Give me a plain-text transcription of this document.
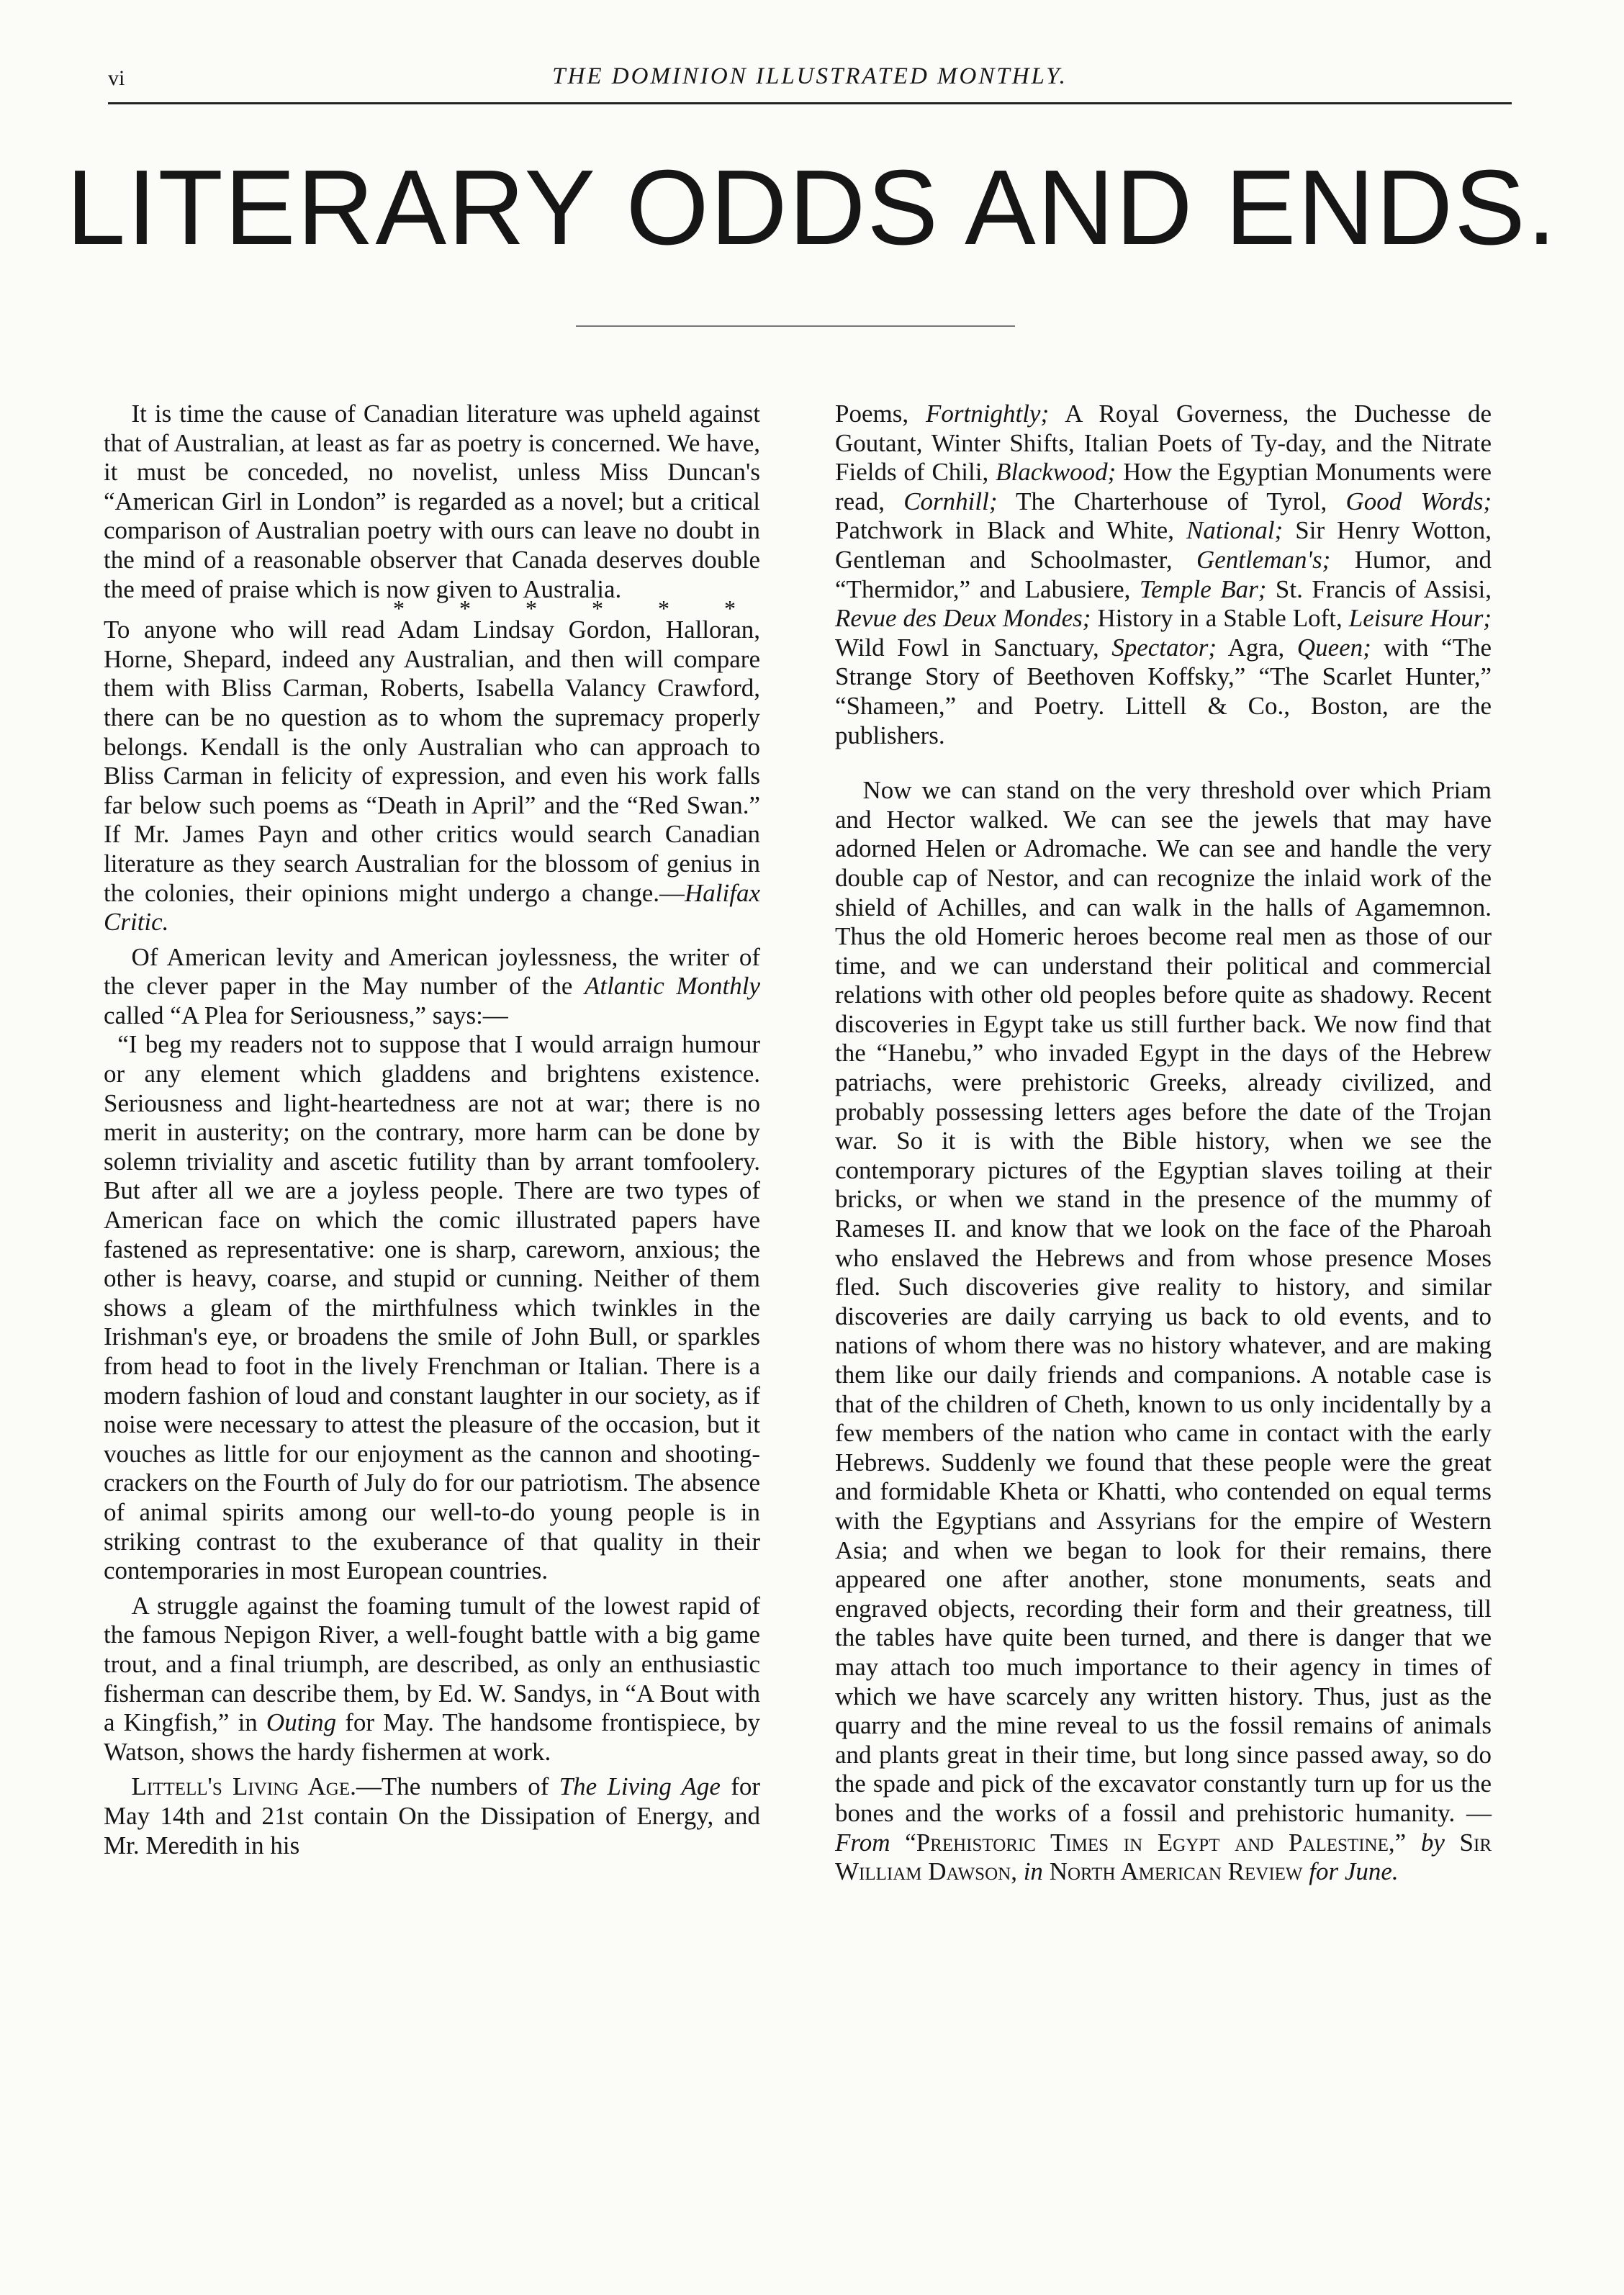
vi	THE DOMINION ILLUSTRATED MONTHLY.
LITERARY ODDS AND ENDS.

It is time the cause of Canadian literature was upheld against that of Australian, at least as far as poetry is concerned. We have, it must be conceded, no novelist, unless Miss Duncan's “American Girl in London” is regarded as a novel; but a critical comparison of Australian poetry with ours can leave no doubt in the mind of a reasonable observer that Canada deserves double the meed of praise which is now given to Australia.
* * * * * *

To anyone who will read Adam Lindsay Gordon, Halloran, Horne, Shepard, indeed any Australian, and then will compare them with Bliss Carman, Roberts, Isabella Valancy Crawford, there can be no question as to whom the supremacy properly belongs. Kendall is the only Australian who can approach to Bliss Carman in felicity of expression, and even his work falls far below such poems as “Death in April” and the “Red Swan.” If Mr. James Payn and other critics would search Canadian literature as they search Australian for the blossom of genius in the colonies, their opinions might undergo a change.—Halifax Critic.

Of American levity and American joylessness, the writer of the clever paper in the May number of the Atlantic Monthly called “A Plea for Seriousness,” says:—

“I beg my readers not to suppose that I would arraign humour or any element which gladdens and brightens existence. Seriousness and light-heartedness are not at war; there is no merit in austerity; on the contrary, more harm can be done by solemn triviality and ascetic futility than by arrant tomfoolery. But after all we are a joyless people. There are two types of American face on which the comic illustrated papers have fastened as representative: one is sharp, careworn, anxious; the other is heavy, coarse, and stupid or cunning. Neither of them shows a gleam of the mirthfulness which twinkles in the Irishman's eye, or broadens the smile of John Bull, or sparkles from head to foot in the lively Frenchman or Italian. There is a modern fashion of loud and constant laughter in our society, as if noise were necessary to attest the pleasure of the occasion, but it vouches as little for our enjoyment as the cannon and shooting-crackers on the Fourth of July do for our patriotism. The absence of animal spirits among our well-to-do young people is in striking contrast to the exuberance of that quality in their contemporaries in most European countries.

A struggle against the foaming tumult of the lowest rapid of the famous Nepigon River, a well-fought battle with a big game trout, and a final triumph, are described, as only an enthusiastic fisherman can describe them, by Ed. W. Sandys, in “A Bout with a Kingfish,” in Outing for May. The handsome frontispiece, by Watson, shows the hardy fishermen at work.

Littell's Living Age.—The numbers of The Living Age for May 14th and 21st contain On the Dissipation of Energy, and Mr. Meredith in his

Poems, Fortnightly; A Royal Governess, the Duchesse de Goutant, Winter Shifts, Italian Poets of Ty-day, and the Nitrate Fields of Chili, Blackwood; How the Egyptian Monuments were read, Cornhill; The Charterhouse of Tyrol, Good Words; Patchwork in Black and White, National; Sir Henry Wotton, Gentleman and Schoolmaster, Gentleman's; Humor, and “Thermidor,” and Labusiere, Temple Bar; St. Francis of Assisi, Revue des Deux Mondes; History in a Stable Loft, Leisure Hour; Wild Fowl in Sanctuary, Spectator; Agra, Queen; with “The Strange Story of Beethoven Koffsky,” “The Scarlet Hunter,” “Shameen,” and Poetry. Littell & Co., Boston, are the publishers.

Now we can stand on the very threshold over which Priam and Hector walked. We can see the jewels that may have adorned Helen or Adromache. We can see and handle the very double cap of Nestor, and can recognize the inlaid work of the shield of Achilles, and can walk in the halls of Agamemnon. Thus the old Homeric heroes become real men as those of our time, and we can understand their political and commercial relations with other old peoples before quite as shadowy. Recent discoveries in Egypt take us still further back. We now find that the “Hanebu,” who invaded Egypt in the days of the Hebrew patriachs, were prehistoric Greeks, already civilized, and probably possessing letters ages before the date of the Trojan war. So it is with the Bible history, when we see the contemporary pictures of the Egyptian slaves toiling at their bricks, or when we stand in the presence of the mummy of Rameses II. and know that we look on the face of the Pharoah who enslaved the Hebrews and from whose presence Moses fled. Such discoveries give reality to history, and similar discoveries are daily carrying us back to old events, and to nations of whom there was no history whatever, and are making them like our daily friends and companions. A notable case is that of the children of Cheth, known to us only incidentally by a few members of the nation who came in contact with the early Hebrews. Suddenly we found that these people were the great and formidable Kheta or Khatti, who contended on equal terms with the Egyptians and Assyrians for the empire of Western Asia; and when we began to look for their remains, there appeared one after another, stone monuments, seats and engraved objects, recording their form and their greatness, till the tables have quite been turned, and there is danger that we may attach too much importance to their agency in times of which we have scarcely any written history. Thus, just as the quarry and the mine reveal to us the fossil remains of animals and plants great in their time, but long since passed away, so do the spade and pick of the excavator constantly turn up for us the bones and the works of a fossil and prehistoric humanity. —From “Prehistoric Times in Egypt and Palestine,” by Sir William Dawson, in North American Review for June.
